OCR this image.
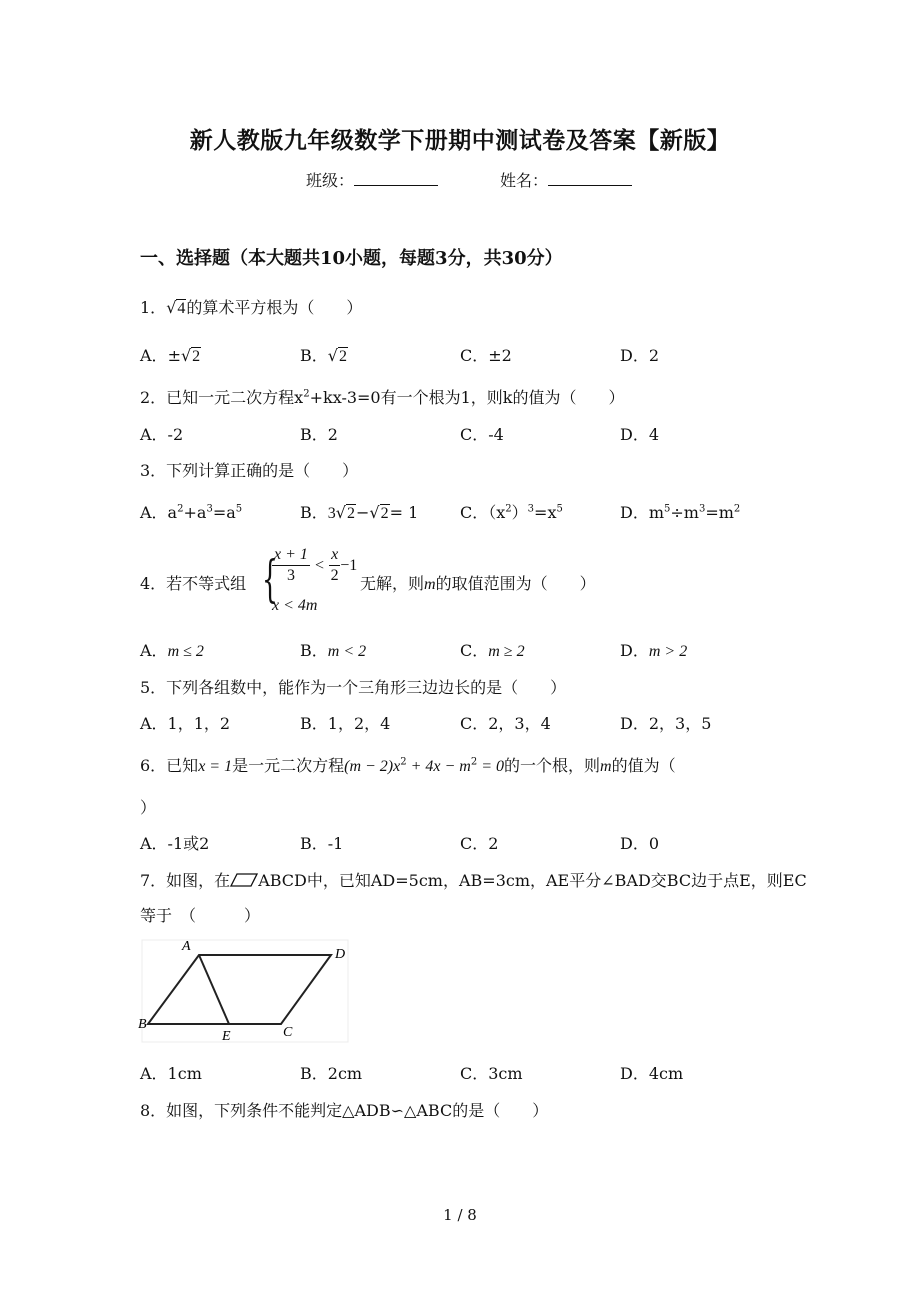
新人教版九年级数学下册期中测试卷及答案【新版】
班级：	姓名：
一、选择题（本大题共10小题，每题3分，共30分）
1．√4的算术平方根为（　　）
A．±√2	B．√2	C．±2	D．2
2．已知一元二次方程$x^2+kx-3=0$有一个根为1，则k的值为（　　）
A．-2	B．2	C．-4	D．4
3．下列计算正确的是（　　）
A．$a^2+a^3=a^5$	B．3√2−√2= 1	C．$(x^2)^3=x^5$	D．$m^5\div m^3=m^2$
4．若不等式组 {
$\frac{x + 1}{3} < \frac{x}{2} -1$
x < 4m
无解，则m的取值范围为（　　）
A．m ≤ 2	B．m < 2	C．m ≥ 2	D．m > 2
5．下列各组数中，能作为一个三角形三边边长的是（　　）
A．1，1，2	B．1，2，4	C．2，3，4	D．2，3，5
6．已知x = 1是一元二次方程$(m - 2)x^2 + 4x - m^2 = 0$的一个根，则m的值为（
）
A．-1或2	B．-1	C．2	D．0
7．如图，在 ABCD中，已知AD=5cm，AB=3cm，AE平分∠BAD交BC边于点E，则EC
等于　（　　　）
A
D
B
E	C
A．1cm	B．2cm	C．3cm	D．4cm
8．如图，下列条件不能判定△ADB∽△ABC的是（　　）
1 / 8
